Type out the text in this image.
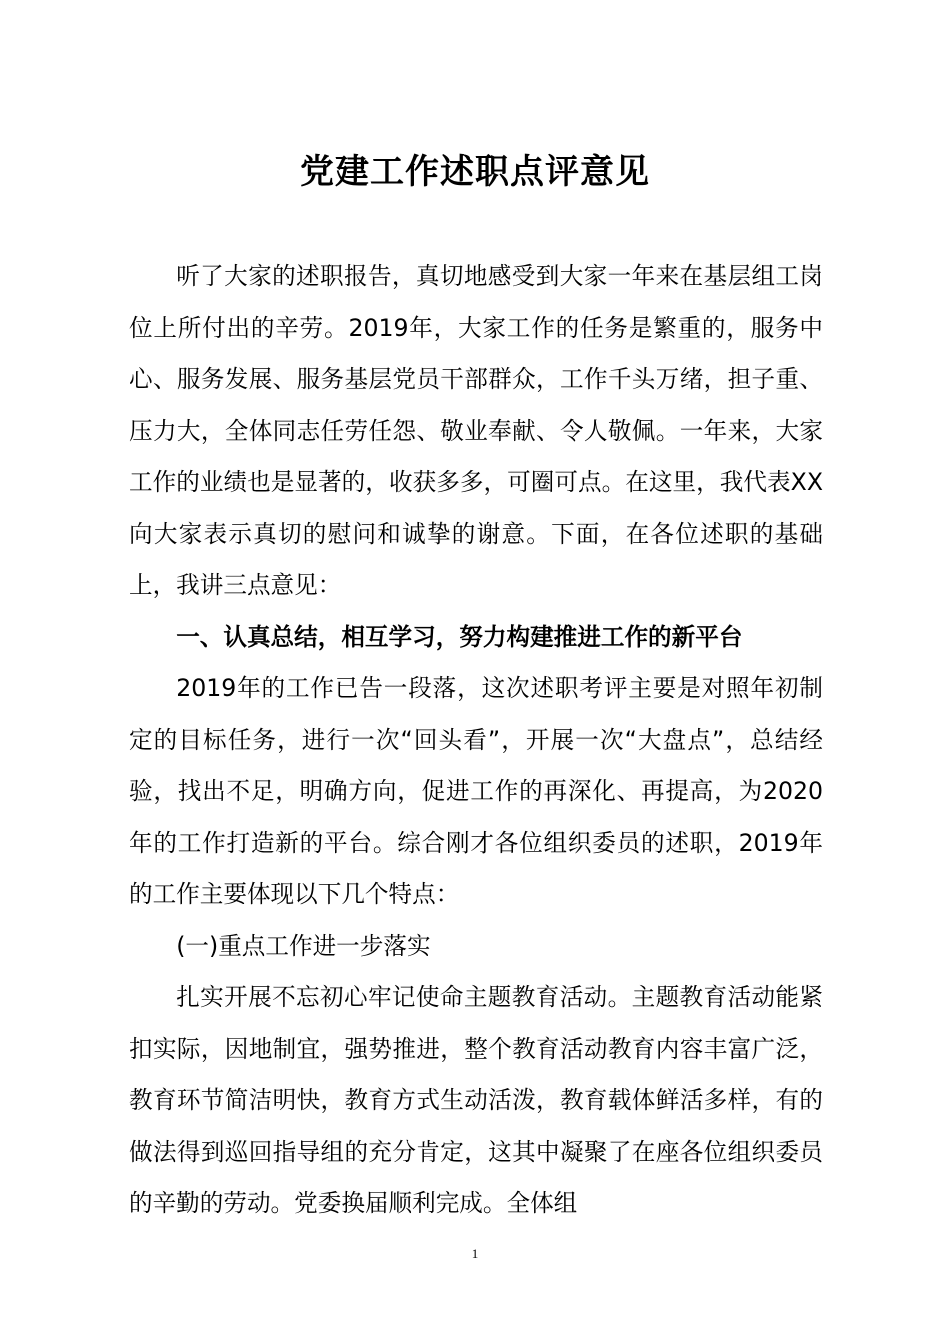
党建工作述职点评意见

听了大家的述职报告，真切地感受到大家一年来在基层组工岗位上所付出的辛劳。2019年，大家工作的任务是繁重的，服务中心、服务发展、服务基层党员干部群众，工作千头万绪，担子重、压力大，全体同志任劳任怨、敬业奉献、令人敬佩。一年来，大家工作的业绩也是显著的，收获多多，可圈可点。在这里，我代表XX向大家表示真切的慰问和诚挚的谢意。下面，在各位述职的基础上，我讲三点意见：

一、认真总结，相互学习，努力构建推进工作的新平台

2019年的工作已告一段落，这次述职考评主要是对照年初制定的目标任务，进行一次“回头看”，开展一次“大盘点”，总结经验，找出不足，明确方向，促进工作的再深化、再提高，为2020年的工作打造新的平台。综合刚才各位组织委员的述职，2019年的工作主要体现以下几个特点：

(一)重点工作进一步落实

扎实开展不忘初心牢记使命主题教育活动。主题教育活动能紧扣实际，因地制宜，强势推进，整个教育活动教育内容丰富广泛，教育环节简洁明快，教育方式生动活泼，教育载体鲜活多样，有的做法得到巡回指导组的充分肯定，这其中凝聚了在座各位组织委员的辛勤的劳动。党委换届顺利完成。全体组

1
